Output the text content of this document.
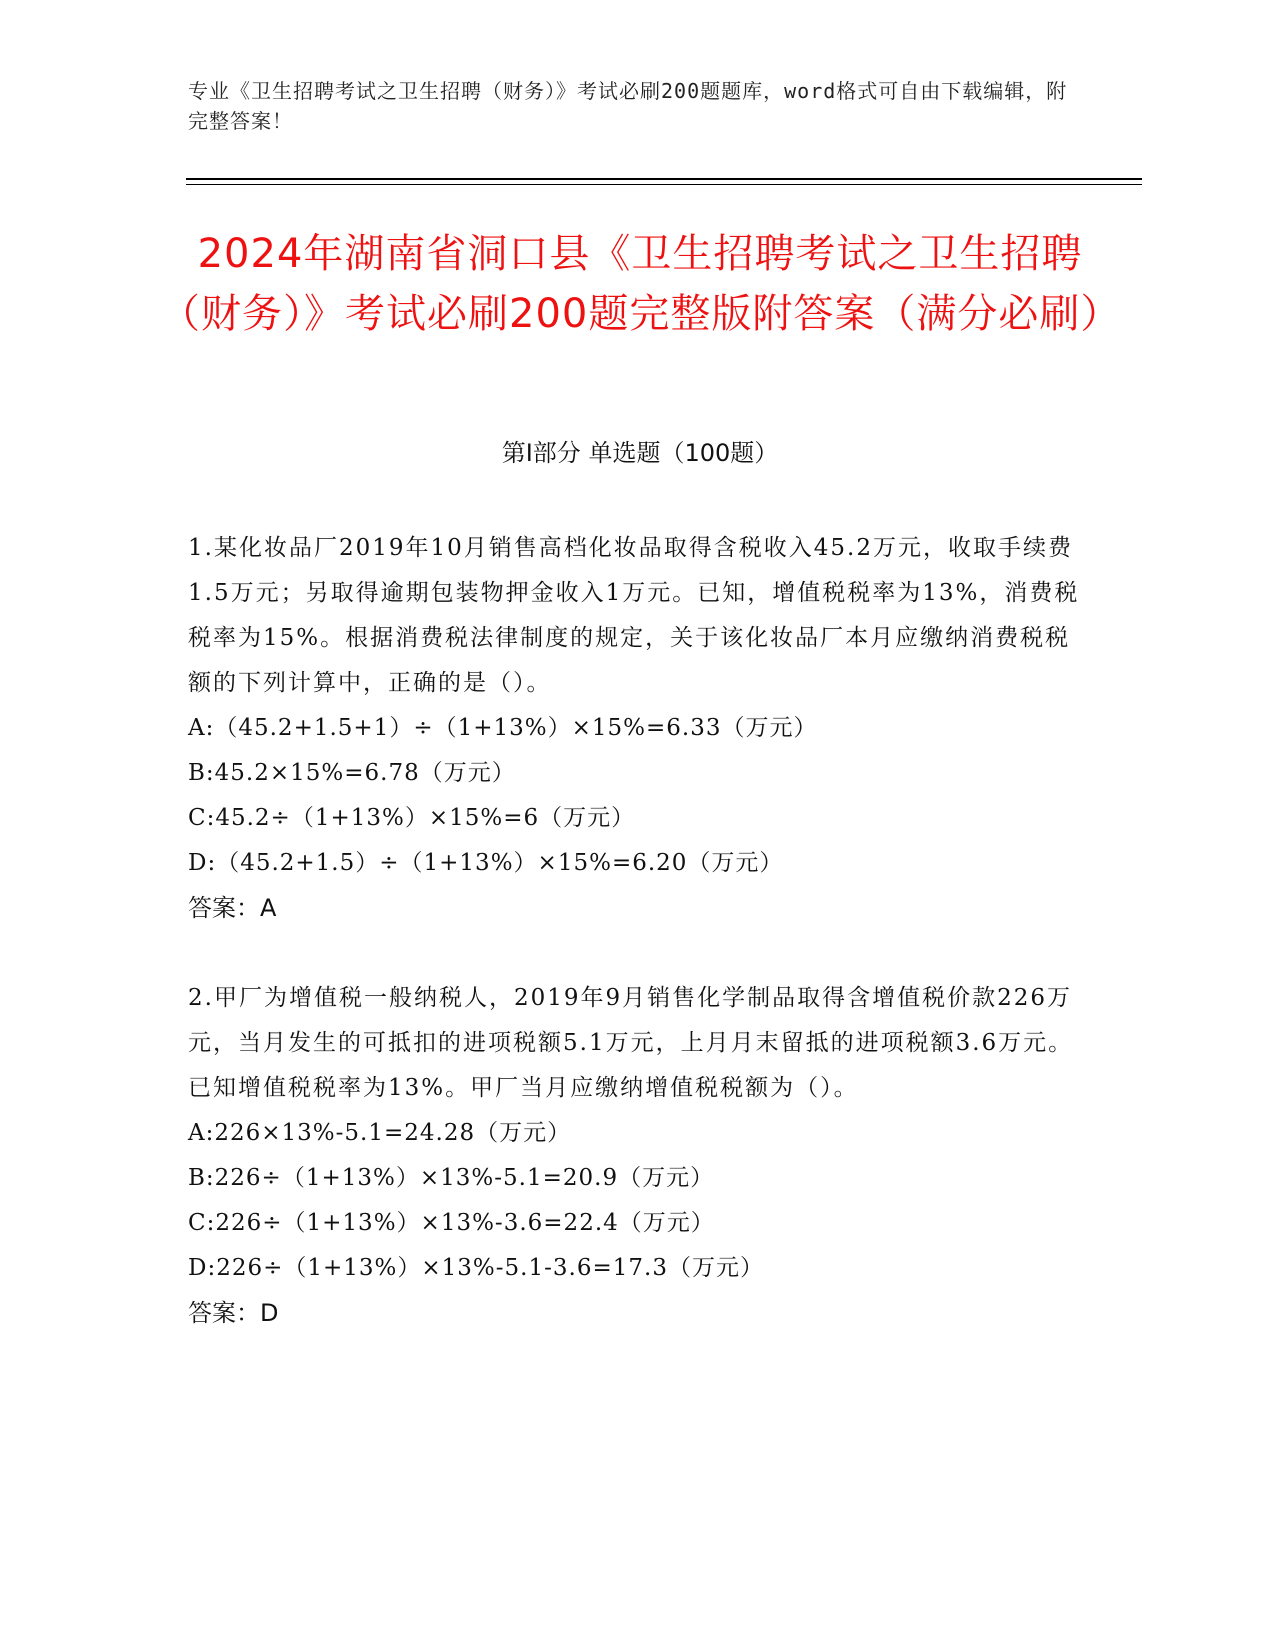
专业《卫生招聘考试之卫生招聘（财务）》考试必刷200题题库，word格式可自由下载编辑，附完整答案！
2024年湖南省洞口县《卫生招聘考试之卫生招聘（财务）》考试必刷200题完整版附答案（满分必刷）
第I部分 单选题（100题）
1.某化妆品厂2019年10月销售高档化妆品取得含税收入45.2万元，收取手续费1.5万元；另取得逾期包装物押金收入1万元。已知，增值税税率为13%，消费税税率为15%。根据消费税法律制度的规定，关于该化妆品厂本月应缴纳消费税税额的下列计算中，正确的是（）。
A:（45.2+1.5+1）÷（1+13%）×15%=6.33（万元）
B:45.2×15%=6.78（万元）
C:45.2÷（1+13%）×15%=6（万元）
D:（45.2+1.5）÷（1+13%）×15%=6.20（万元）
答案：A
2.甲厂为增值税一般纳税人，2019年9月销售化学制品取得含增值税价款226万元，当月发生的可抵扣的进项税额5.1万元，上月月末留抵的进项税额3.6万元。已知增值税税率为13%。甲厂当月应缴纳增值税税额为（）。
A:226×13%-5.1=24.28（万元）
B:226÷（1+13%）×13%-5.1=20.9（万元）
C:226÷（1+13%）×13%-3.6=22.4（万元）
D:226÷（1+13%）×13%-5.1-3.6=17.3（万元）
答案：D
